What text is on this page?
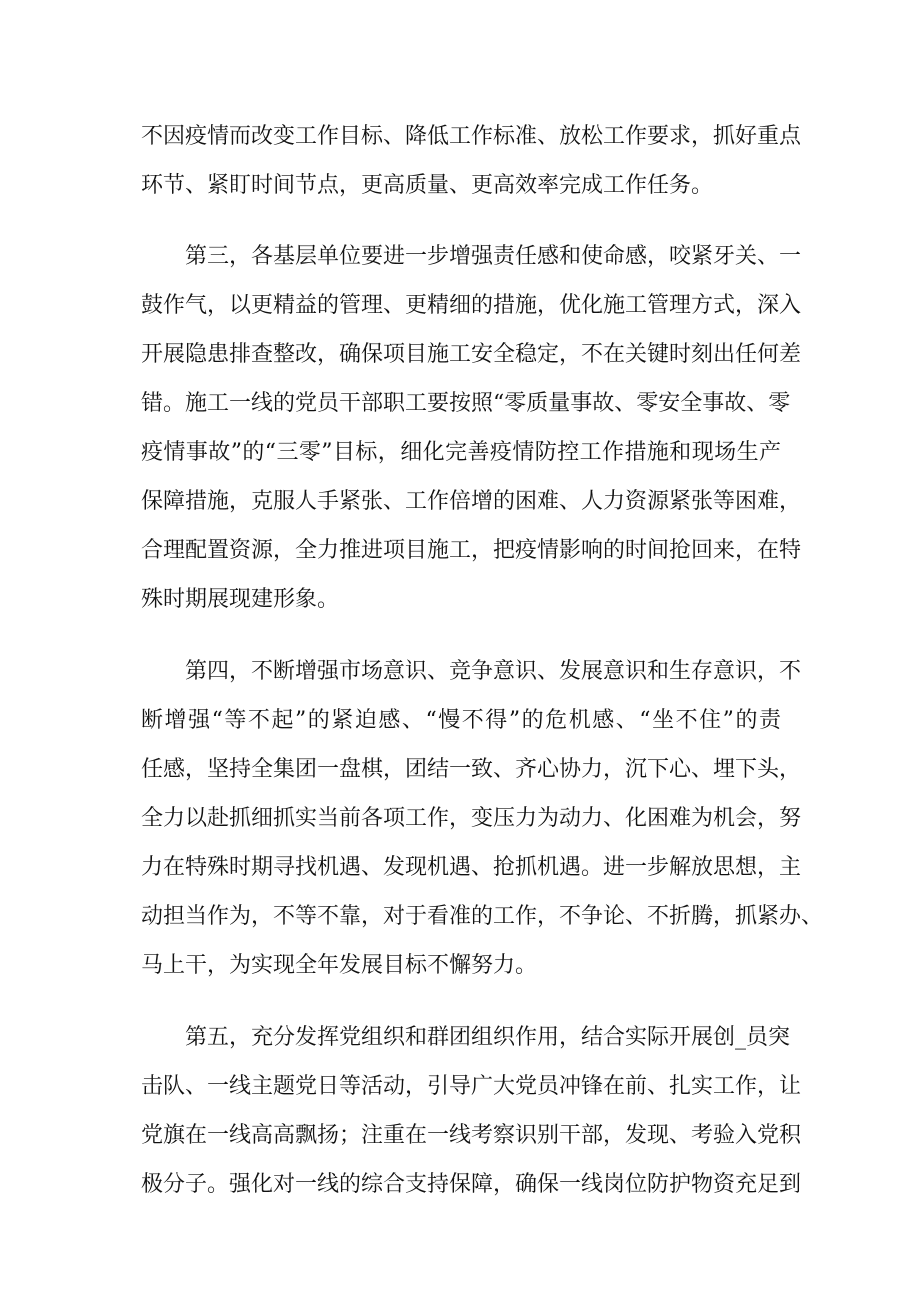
不因疫情而改变工作目标、降低工作标准、放松工作要求，抓好重点
环节、紧盯时间节点，更高质量、更高效率完成工作任务。
第三，各基层单位要进一步增强责任感和使命感，咬紧牙关、一
鼓作气，以更精益的管理、更精细的措施，优化施工管理方式，深入
开展隐患排查整改，确保项目施工安全稳定，不在关键时刻出任何差
错。施工一线的党员干部职工要按照“零质量事故、零安全事故、零
疫情事故”的“三零”目标，细化完善疫情防控工作措施和现场生产
保障措施，克服人手紧张、工作倍增的困难、人力资源紧张等困难，
合理配置资源，全力推进项目施工，把疫情影响的时间抢回来，在特
殊时期展现建形象。
第四，不断增强市场意识、竞争意识、发展意识和生存意识，不
断增强“等不起”的紧迫感、“慢不得”的危机感、“坐不住”的责
任感，坚持全集团一盘棋，团结一致、齐心协力，沉下心、埋下头，
全力以赴抓细抓实当前各项工作，变压力为动力、化困难为机会，努
力在特殊时期寻找机遇、发现机遇、抢抓机遇。进一步解放思想，主
动担当作为，不等不靠，对于看准的工作，不争论、不折腾，抓紧办、
马上干，为实现全年发展目标不懈努力。
第五，充分发挥党组织和群团组织作用，结合实际开展创_员突
击队、一线主题党日等活动，引导广大党员冲锋在前、扎实工作，让
党旗在一线高高飘扬；注重在一线考察识别干部，发现、考验入党积
极分子。强化对一线的综合支持保障，确保一线岗位防护物资充足到
